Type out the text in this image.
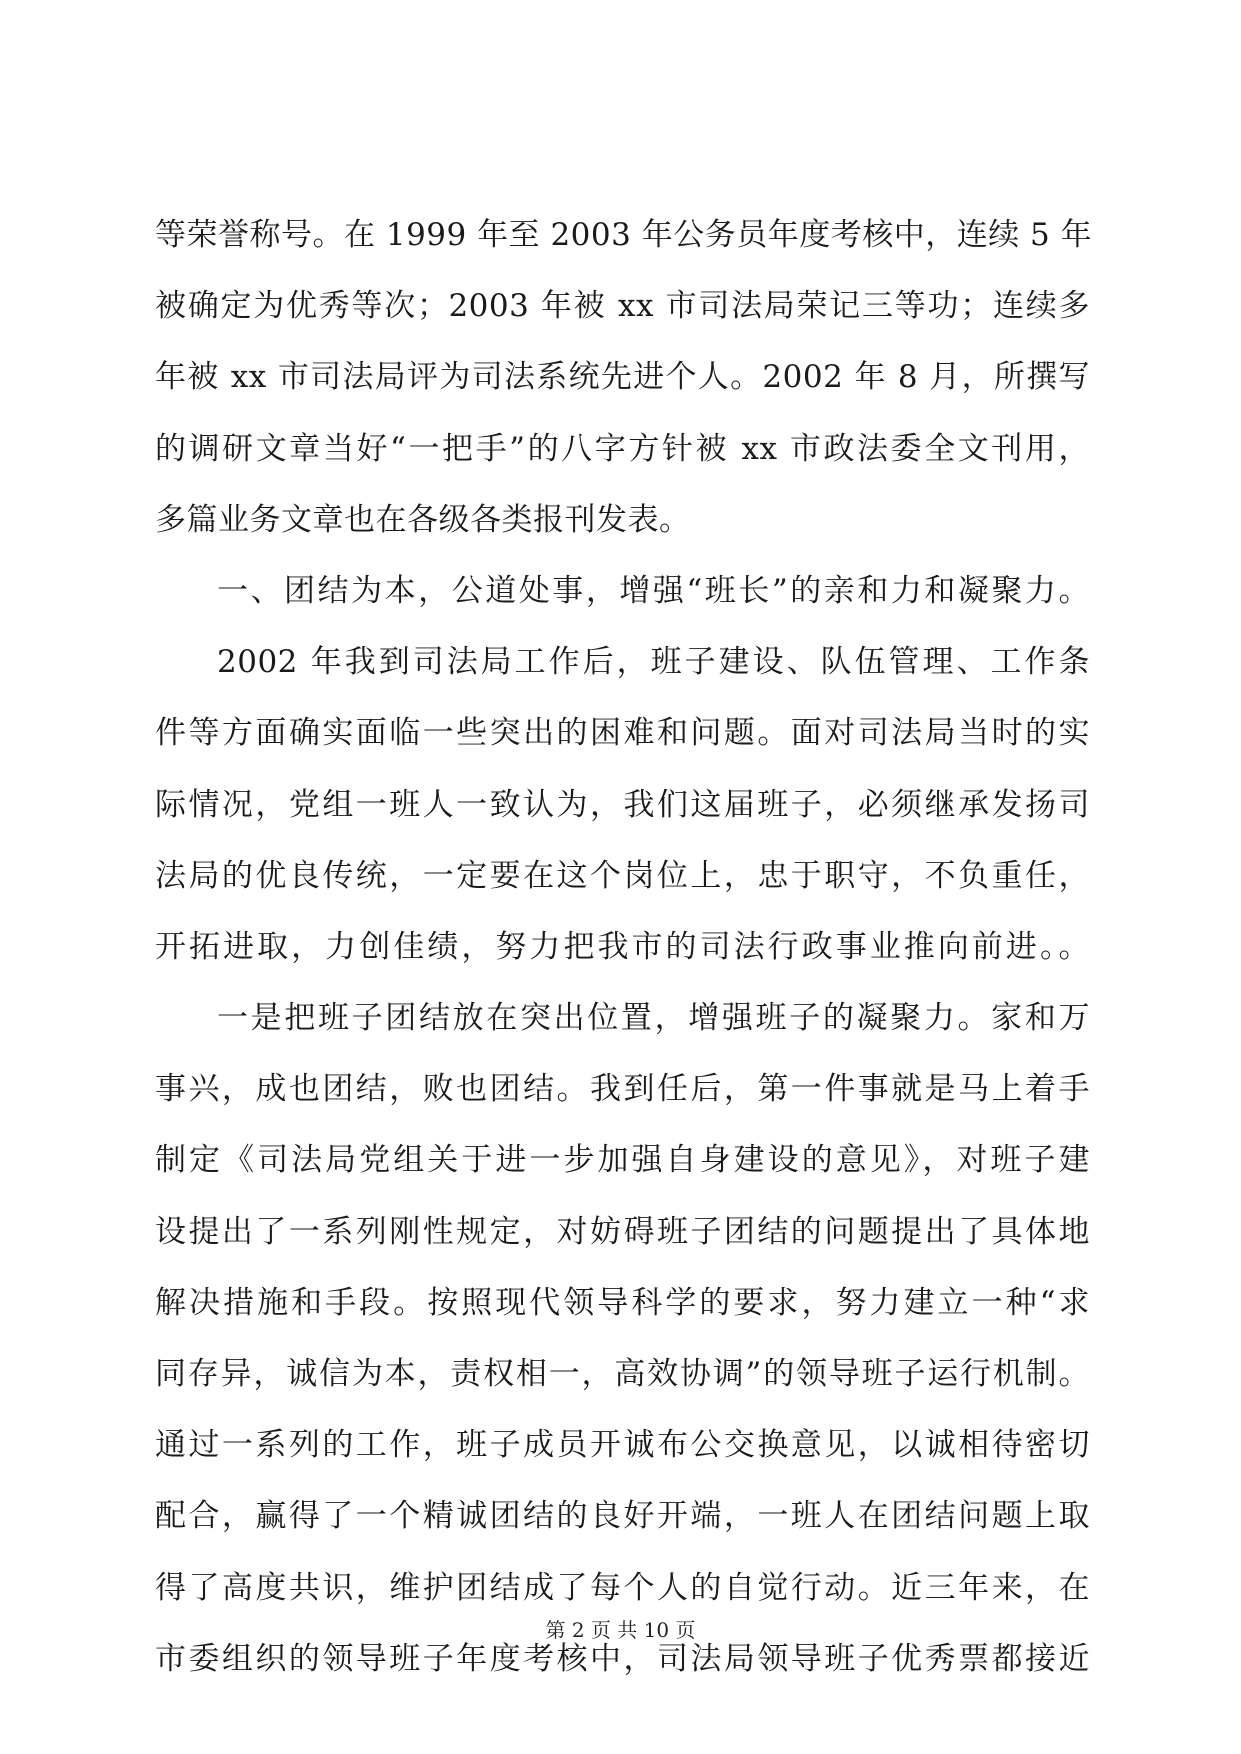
等荣誉称号。在 1999 年至 2003 年公务员年度考核中，连续 5 年
被确定为优秀等次；2003 年被 xx 市司法局荣记三等功；连续多
年被 xx 市司法局评为司法系统先进个人。2002 年 8 月，所撰写
的调研文章当好“一把手”的八字方针被 xx 市政法委全文刊用，
多篇业务文章也在各级各类报刊发表。
一、团结为本，公道处事，增强“班长”的亲和力和凝聚力。
2002 年我到司法局工作后，班子建设、队伍管理、工作条
件等方面确实面临一些突出的困难和问题。面对司法局当时的实
际情况，党组一班人一致认为，我们这届班子，必须继承发扬司
法局的优良传统，一定要在这个岗位上，忠于职守，不负重任，
开拓进取，力创佳绩，努力把我市的司法行政事业推向前进。。
一是把班子团结放在突出位置，增强班子的凝聚力。家和万
事兴，成也团结，败也团结。我到任后，第一件事就是马上着手
制定《司法局党组关于进一步加强自身建设的意见》，对班子建
设提出了一系列刚性规定，对妨碍班子团结的问题提出了具体地
解决措施和手段。按照现代领导科学的要求，努力建立一种“求
同存异，诚信为本，责权相一，高效协调”的领导班子运行机制。
通过一系列的工作，班子成员开诚布公交换意见，以诚相待密切
配合，赢得了一个精诚团结的良好开端，一班人在团结问题上取
得了高度共识，维护团结成了每个人的自觉行动。近三年来，在
市委组织的领导班子年度考核中，司法局领导班子优秀票都接近
第 2 页 共 10 页
